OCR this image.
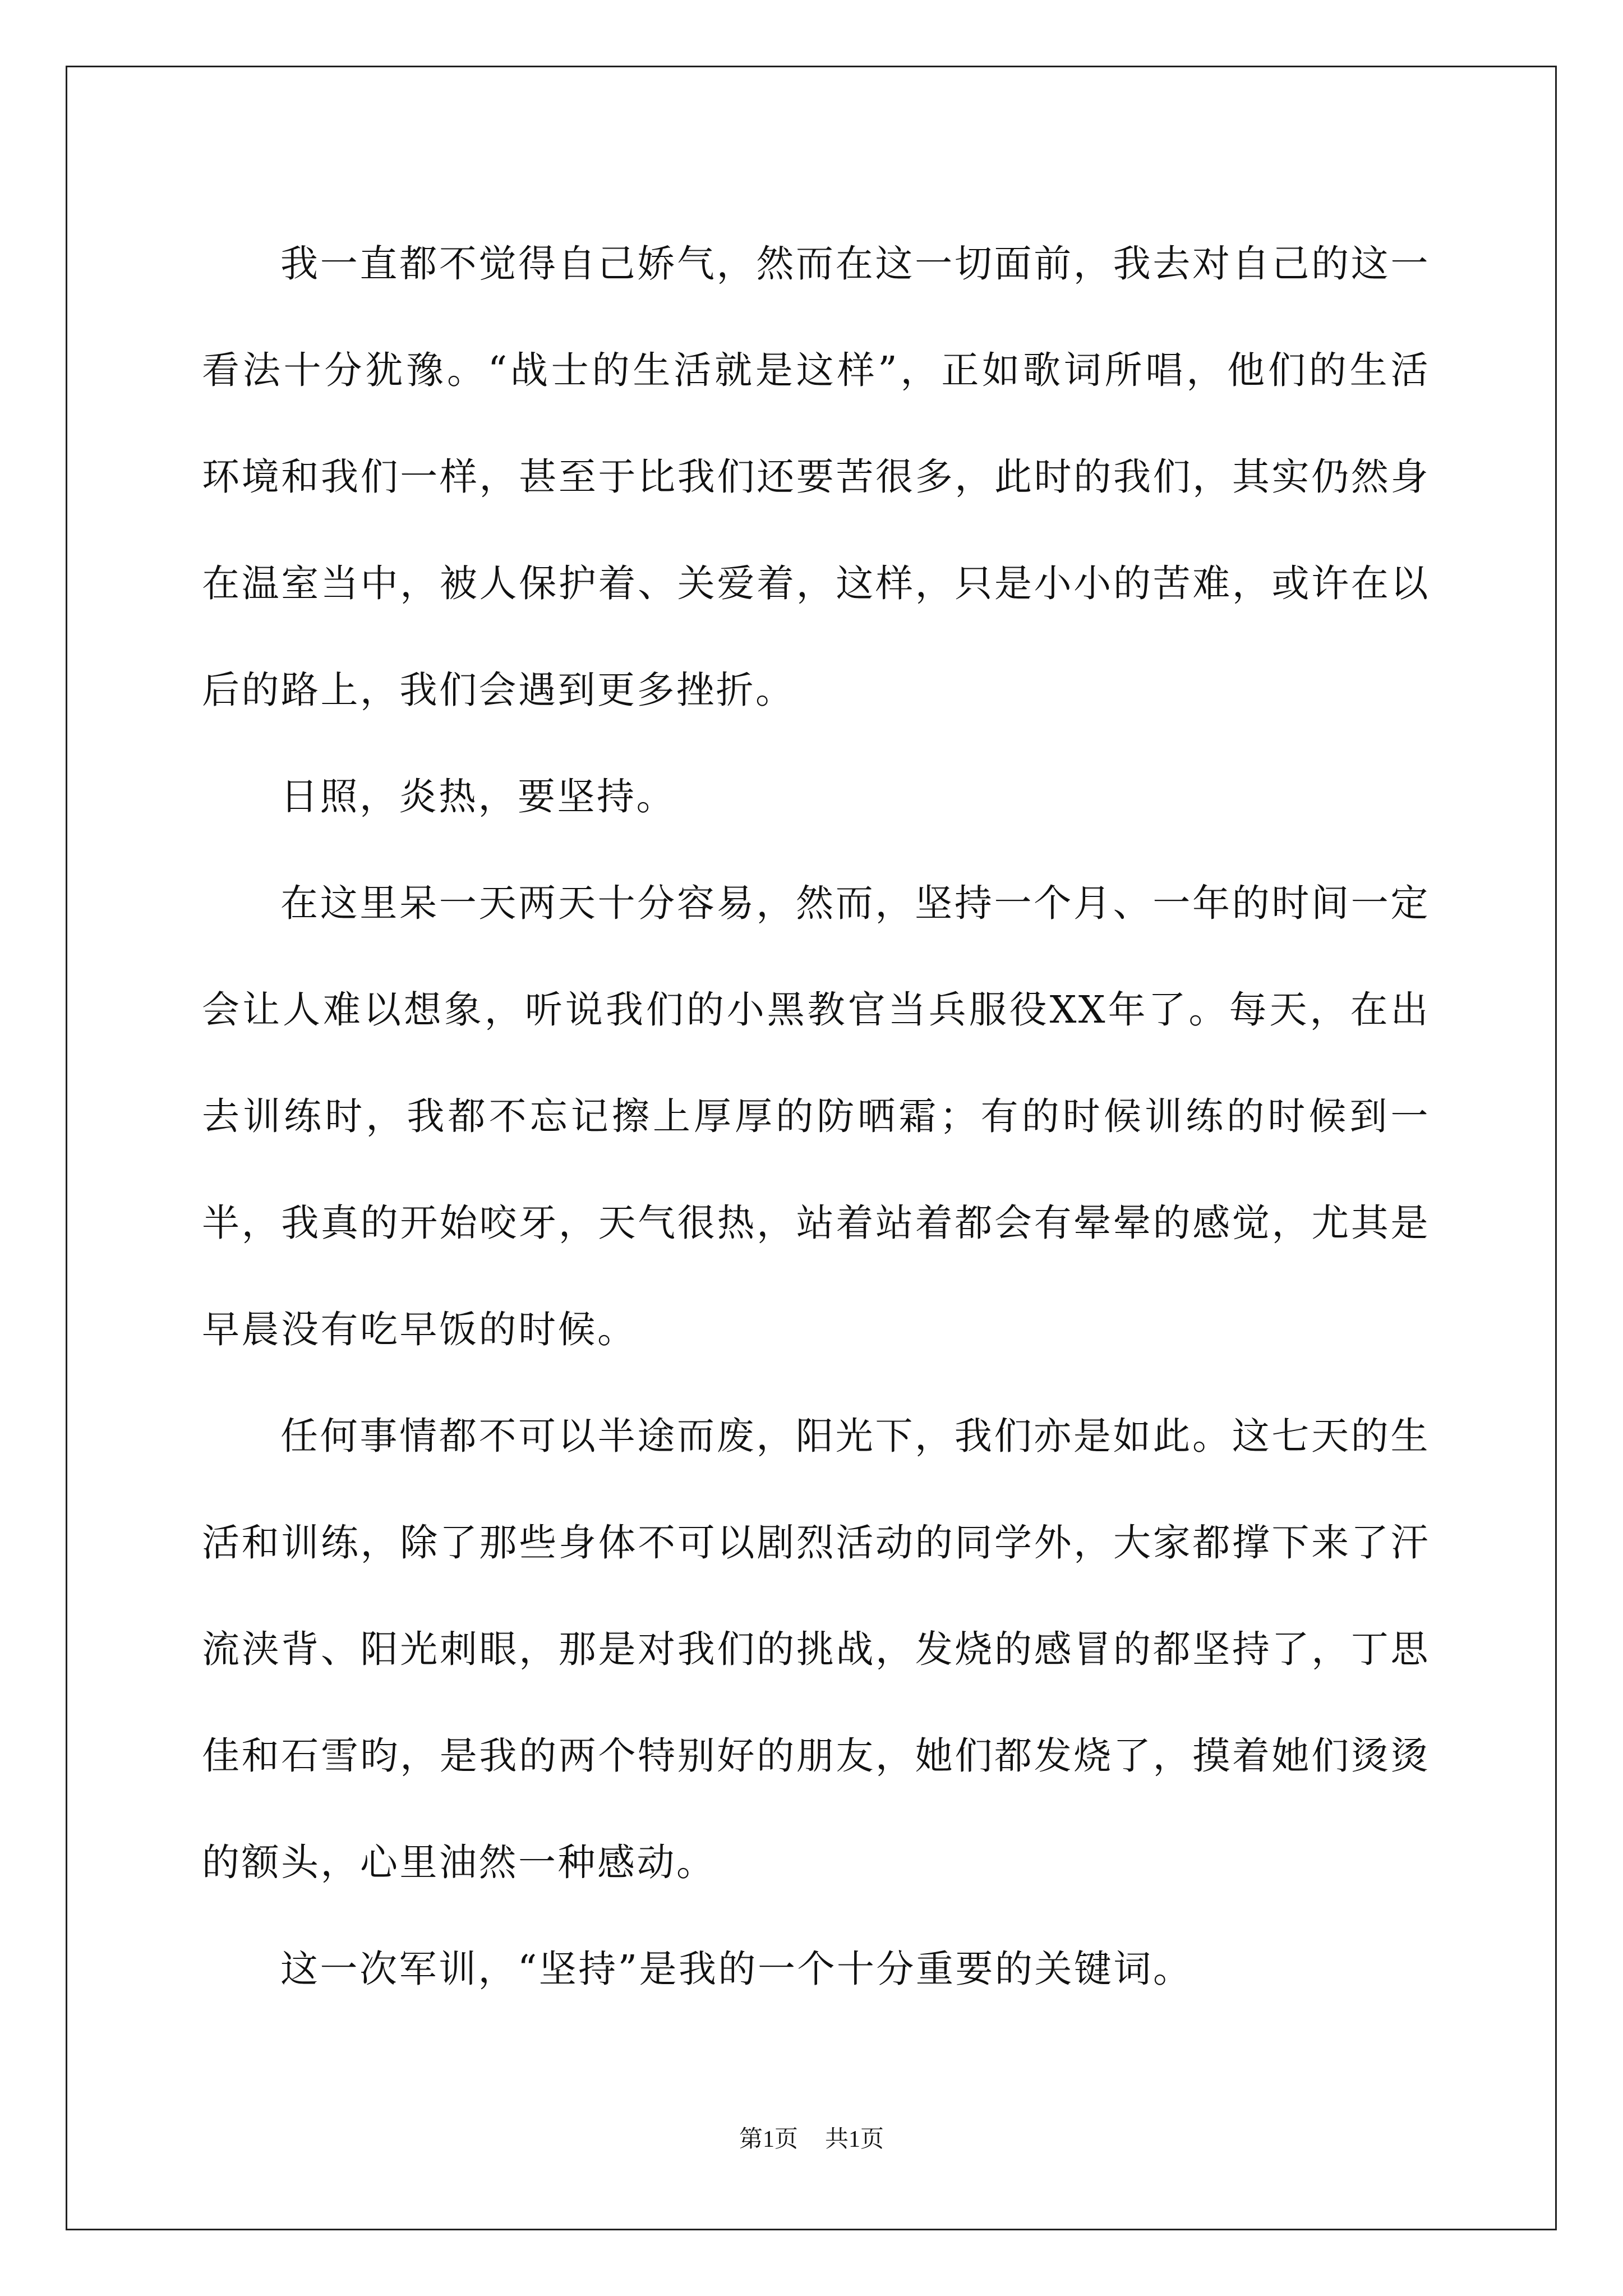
我一直都不觉得自己娇气，然而在这一切面前，我去对自己的这一看法十分犹豫。“战士的生活就是这样”，正如歌词所唱，他们的生活环境和我们一样，甚至于比我们还要苦很多，此时的我们，其实仍然身在温室当中，被人保护着、关爱着，这样，只是小小的苦难，或许在以后的路上，我们会遇到更多挫折。

日照，炎热，要坚持。

在这里呆一天两天十分容易，然而，坚持一个月、一年的时间一定会让人难以想象，听说我们的小黑教官当兵服役XX年了。每天，在出去训练时，我都不忘记擦上厚厚的防晒霜；有的时候训练的时候到一半，我真的开始咬牙，天气很热，站着站着都会有晕晕的感觉，尤其是早晨没有吃早饭的时候。

任何事情都不可以半途而废，阳光下，我们亦是如此。这七天的生活和训练，除了那些身体不可以剧烈活动的同学外，大家都撑下来了汗流浃背、阳光刺眼，那是对我们的挑战，发烧的感冒的都坚持了，丁思佳和石雪昀，是我的两个特别好的朋友，她们都发烧了，摸着她们烫烫的额头，心里油然一种感动。

这一次军训，“坚持”是我的一个十分重要的关键词。

第1页 共1页
